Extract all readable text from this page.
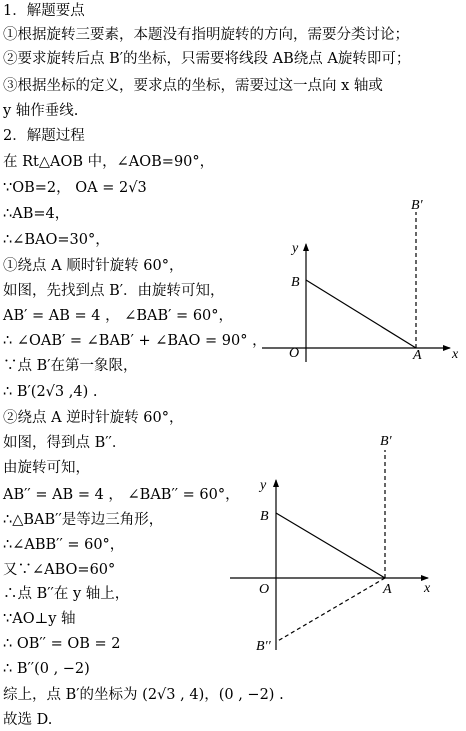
1．解题要点
①根据旋转三要素，本题没有指明旋转的方向，需要分类讨论；
②要求旋转后点 B′的坐标，只需要将线段 AB绕点 A旋转即可；
③根据坐标的定义，要求点的坐标，需要过这一点向 x 轴或
y 轴作垂线.
2．解题过程
在 Rt△AOB 中，∠AOB=90°，
∵OB=2， OA = 2√3
∴AB=4，
∴∠BAO=30°，
①绕点 A 顺时针旋转 60°，
如图，先找到点 B′．由旋转可知，
AB′ = AB = 4 ， ∠BAB′ = 60°，
∴ ∠OAB′ = ∠BAB′ + ∠BAO = 90° ，
∵点 B′在第一象限，
∴ B′(2√3 ,4) .
②绕点 A 逆时针旋转 60°，
如图，得到点 B′′．
由旋转可知，
AB′′ = AB = 4 ， ∠BAB′′ = 60°，
∴△BAB′′是等边三角形，
∴∠ABB′′ = 60°，
又∵∠ABO=60°
∴点 B′′在 y 轴上，
∵AO⊥y 轴
∴ OB′′ = OB = 2
∴ B′′(0 , −2)
综上，点 B′的坐标为 (2√3 , 4)，(0 , −2) .
故选 D.
y
x
O
B
A
B′
y
x
O
B
A
B′
B′′
